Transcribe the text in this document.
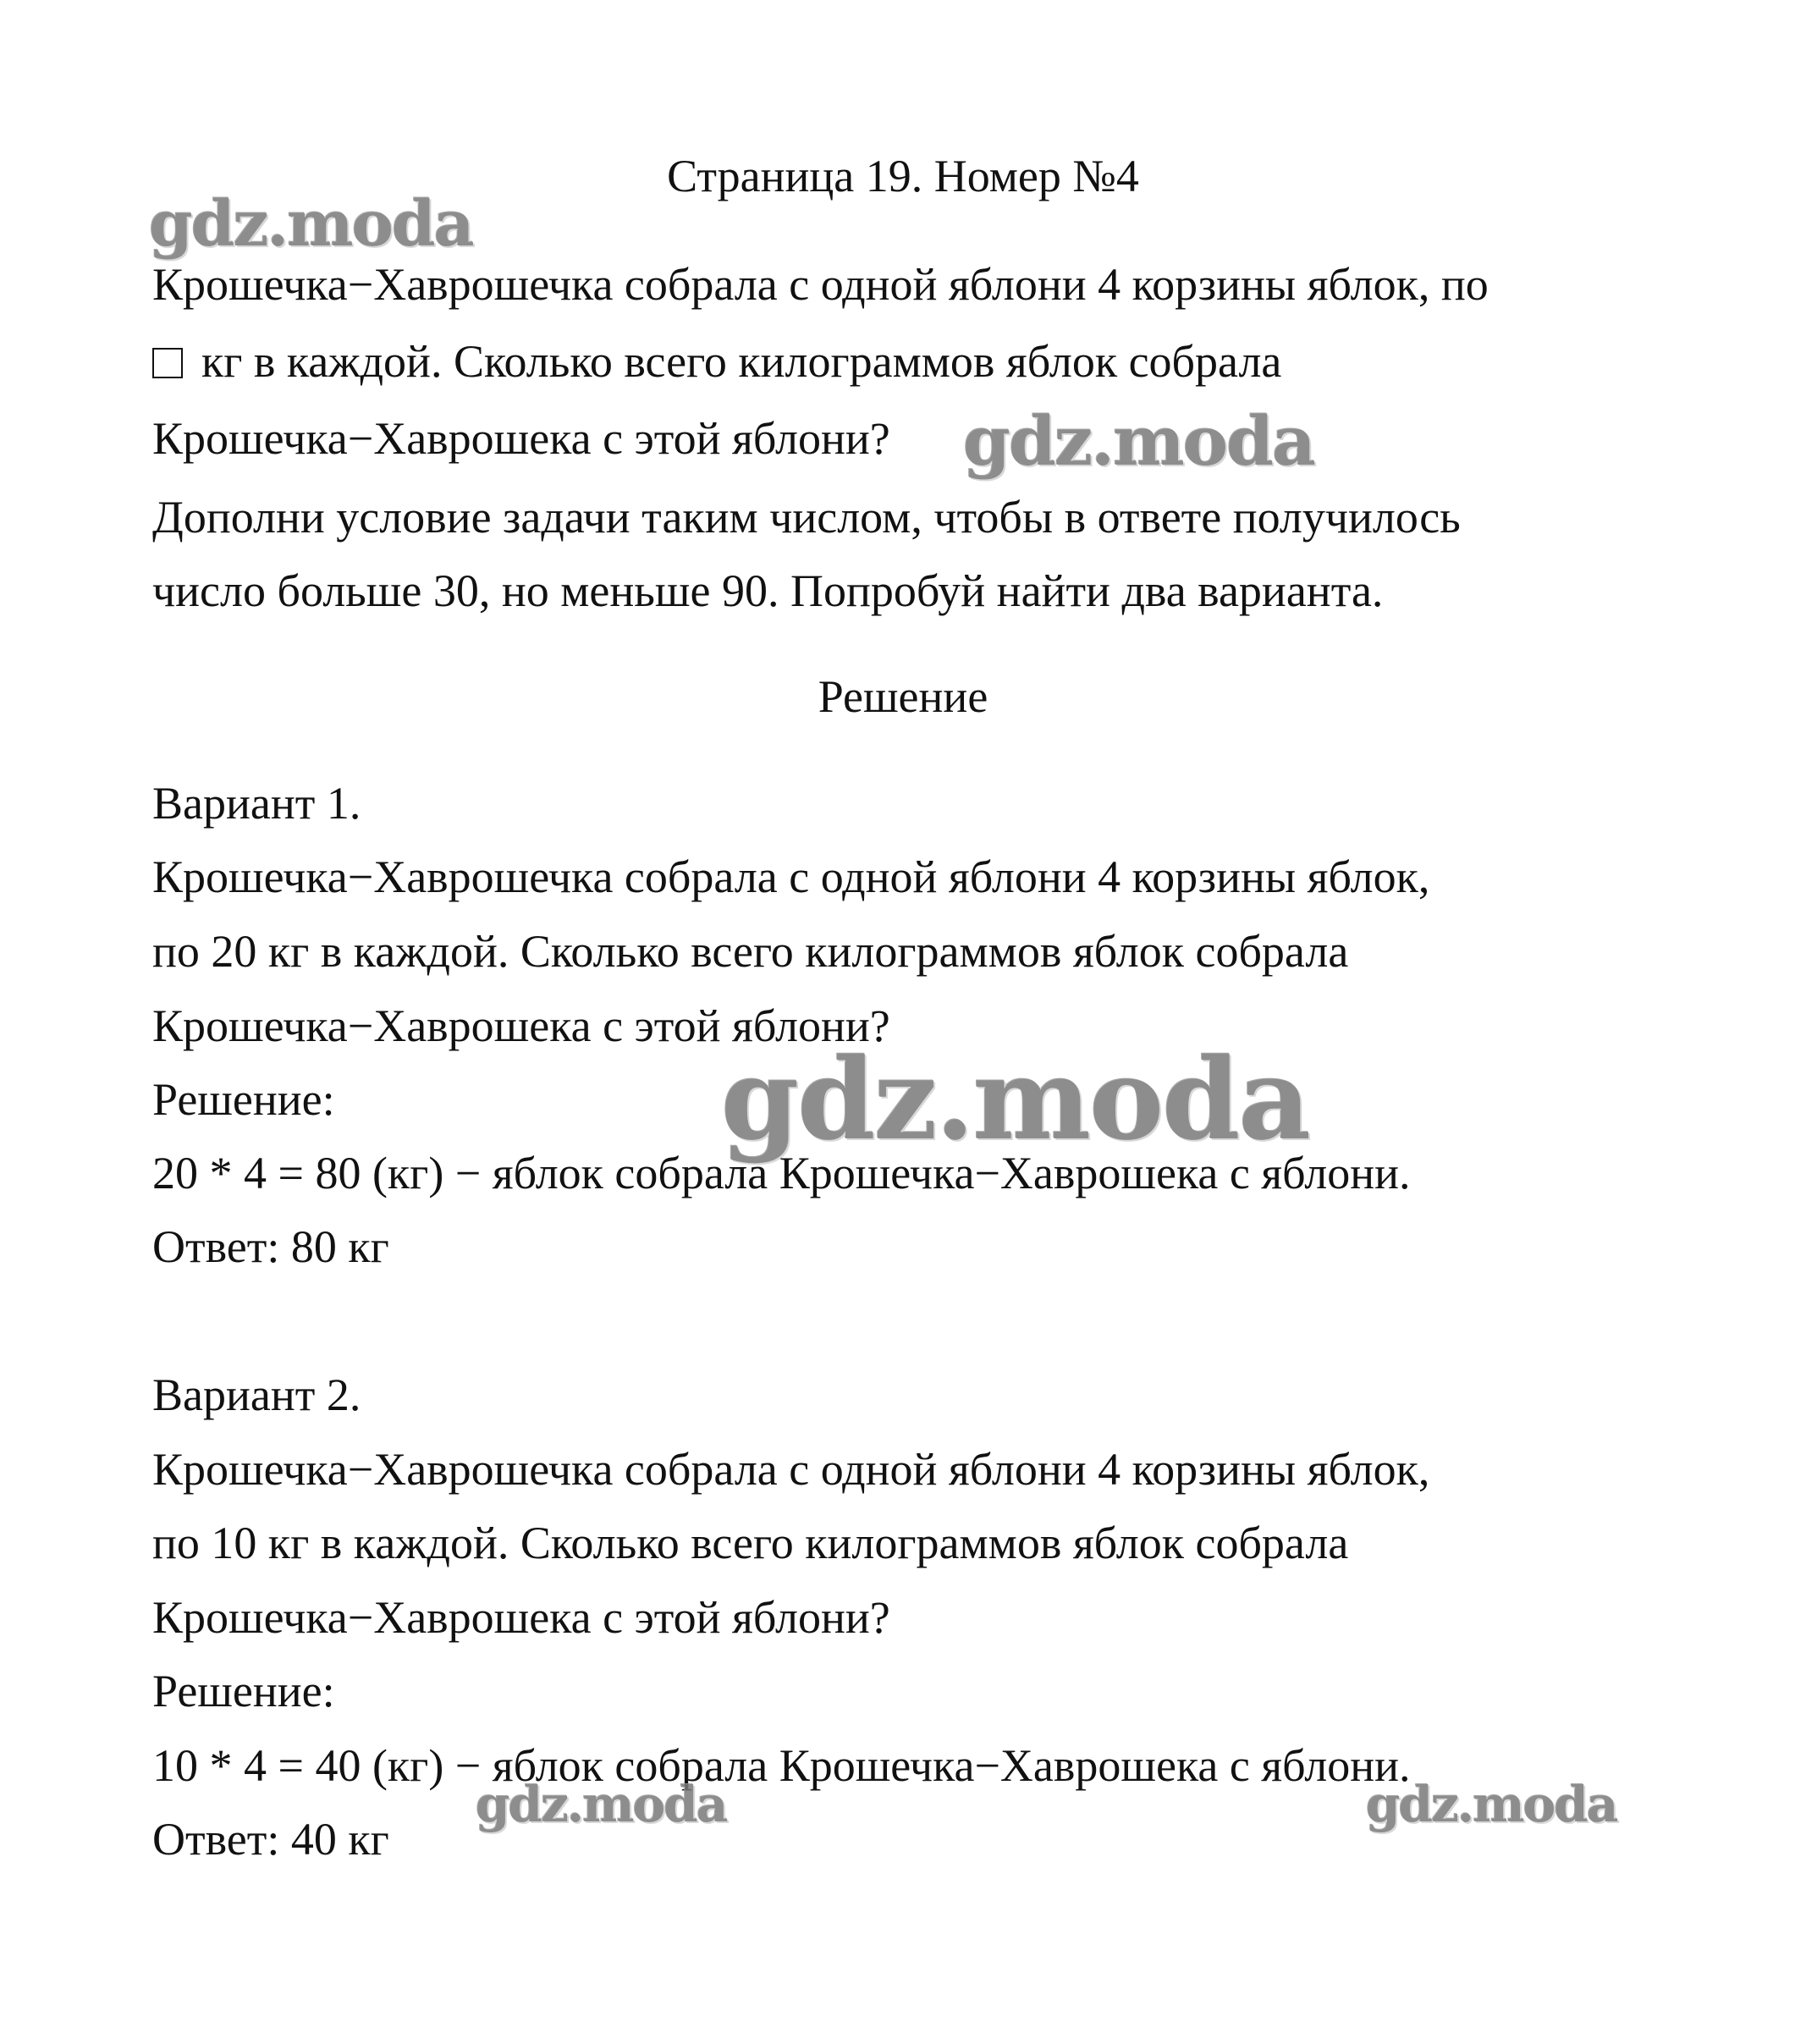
Страница 19. Номер №4
gdz.moda
Крошечка−Хаврошечка собрала с одной яблони 4 корзины яблок, по
кг в каждой. Сколько всего килограммов яблок собрала
Крошечка−Хаврошека с этой яблони? gdz.moda
Дополни условие задачи таким числом, чтобы в ответе получилось
число больше 30, но меньше 90. Попробуй найти два варианта.
Решение
Вариант 1.
Крошечка−Хаврошечка собрала с одной яблони 4 корзины яблок,
по 20 кг в каждой. Сколько всего килограммов яблок собрала
Крошечка−Хаврошека с этой яблони?
Решение:	gdz.moda
20 * 4 = 80 (кг) − яблок собрала Крошечка−Хаврошека с яблони.
Ответ: 80 кг
Вариант 2.
Крошечка−Хаврошечка собрала с одной яблони 4 корзины яблок,
по 10 кг в каждой. Сколько всего килограммов яблок собрала
Крошечка−Хаврошека с этой яблони?
Решение:
10 * 4 = 40 (кг) − яблок собрала Крошечка−Хаврошека с яблони.
Ответ: 40 кг
gdz.moda	gdz.moda
